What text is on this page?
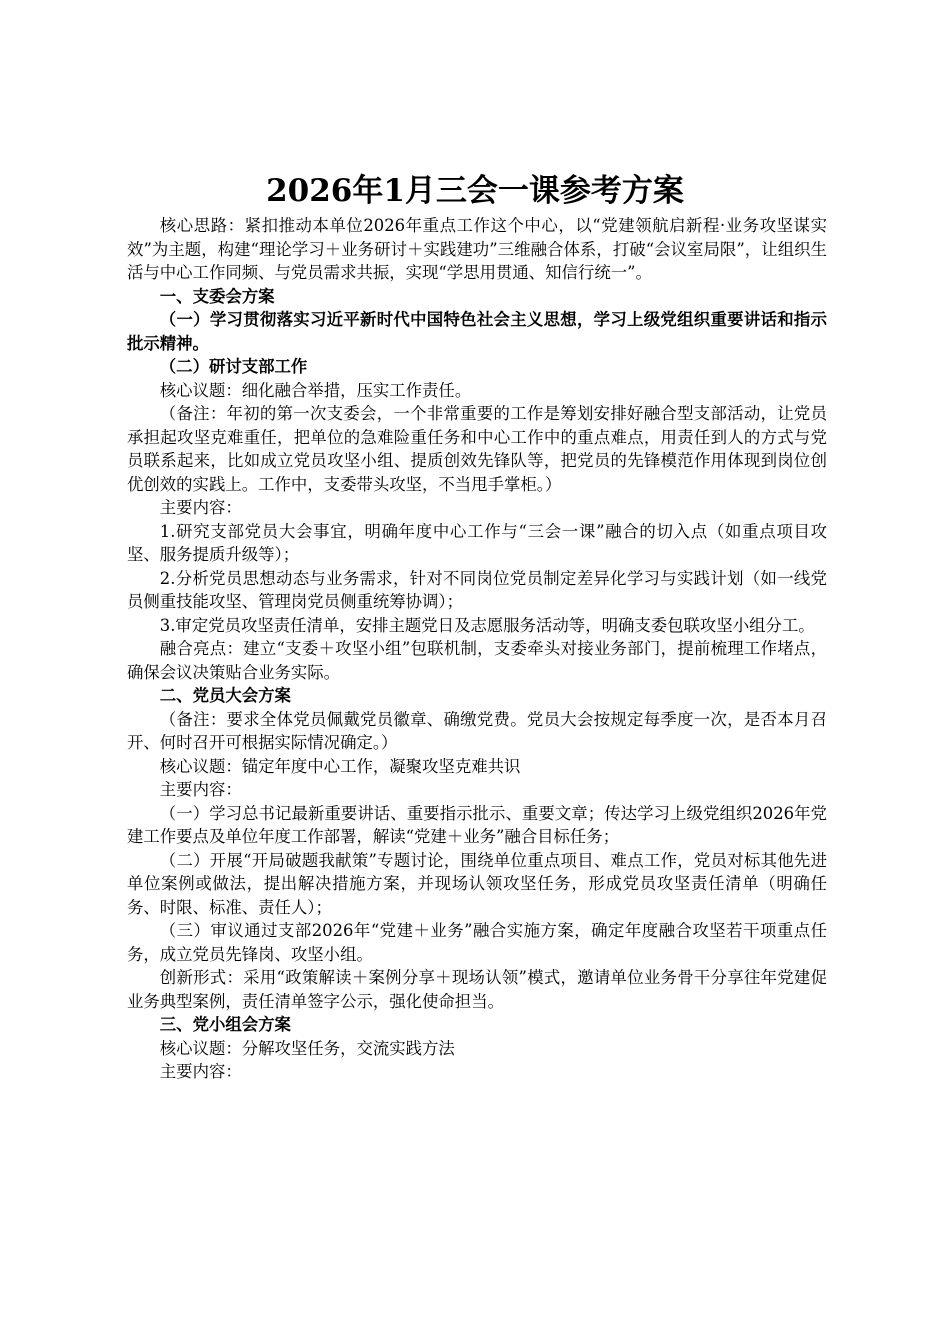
2026年1月三会一课参考方案

核心思路：紧扣推动本单位2026年重点工作这个中心，以“党建领航启新程·业务攻坚谋实效”为主题，构建“理论学习＋业务研讨＋实践建功”三维融合体系，打破“会议室局限”，让组织生活与中心工作同频、与党员需求共振，实现“学思用贯通、知信行统一”。

一、支委会方案

（一）学习贯彻落实习近平新时代中国特色社会主义思想，学习上级党组织重要讲话和指示批示精神。

（二）研讨支部工作

核心议题：细化融合举措，压实工作责任。

（备注：年初的第一次支委会，一个非常重要的工作是筹划安排好融合型支部活动，让党员承担起攻坚克难重任，把单位的急难险重任务和中心工作中的重点难点，用责任到人的方式与党员联系起来，比如成立党员攻坚小组、提质创效先锋队等，把党员的先锋模范作用体现到岗位创优创效的实践上。工作中，支委带头攻坚，不当甩手掌柜。）

主要内容：

1.研究支部党员大会事宜，明确年度中心工作与“三会一课”融合的切入点（如重点项目攻坚、服务提质升级等）；

2.分析党员思想动态与业务需求，针对不同岗位党员制定差异化学习与实践计划（如一线党员侧重技能攻坚、管理岗党员侧重统筹协调）；

3.审定党员攻坚责任清单，安排主题党日及志愿服务活动等，明确支委包联攻坚小组分工。

融合亮点：建立“支委＋攻坚小组”包联机制，支委牵头对接业务部门，提前梳理工作堵点，确保会议决策贴合业务实际。

二、党员大会方案

（备注：要求全体党员佩戴党员徽章、确缴党费。党员大会按规定每季度一次，是否本月召开、何时召开可根据实际情况确定。）

核心议题：锚定年度中心工作，凝聚攻坚克难共识

主要内容：

（一）学习总书记最新重要讲话、重要指示批示、重要文章；传达学习上级党组织2026年党建工作要点及单位年度工作部署，解读“党建＋业务”融合目标任务；

（二）开展“开局破题我献策”专题讨论，围绕单位重点项目、难点工作，党员对标其他先进单位案例或做法，提出解决措施方案，并现场认领攻坚任务，形成党员攻坚责任清单（明确任务、时限、标准、责任人）；

（三）审议通过支部2026年“党建＋业务”融合实施方案，确定年度融合攻坚若干项重点任务，成立党员先锋岗、攻坚小组。

创新形式：采用“政策解读＋案例分享＋现场认领”模式，邀请单位业务骨干分享往年党建促业务典型案例，责任清单签字公示，强化使命担当。

三、党小组会方案

核心议题：分解攻坚任务，交流实践方法

主要内容：
